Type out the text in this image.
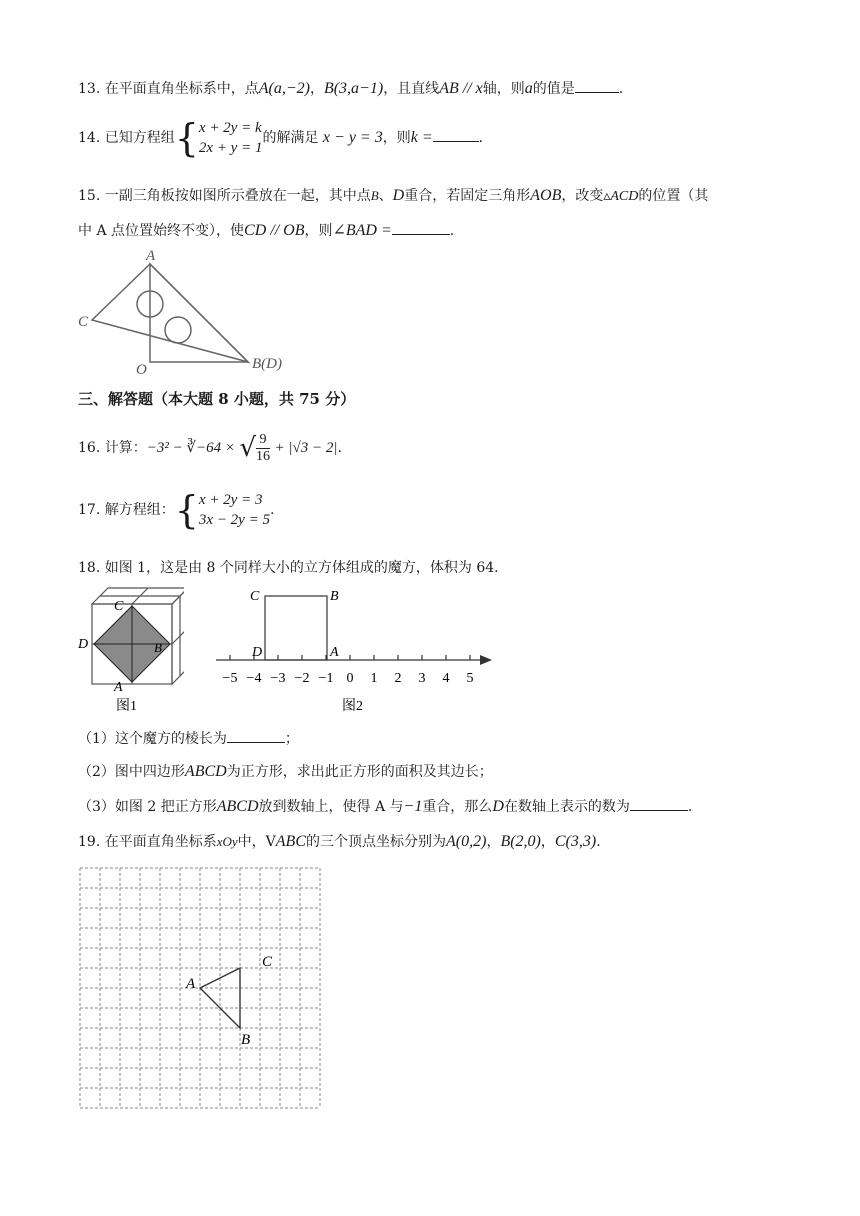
13. 在平面直角坐标系中，点A(a,−2)，B(3,a−1)，且直线AB // x轴，则a的值是	.
14. 已知方程组{ x + 2y = k
2x + y = 1
的解满足 x − y = 3，则k =	.
15. 一副三角板按如图所示叠放在一起，其中点B、D重合，若固定三角形AOB，改变▵ACD的位置（其
中 A 点位置始终不变），使CD // OB，则∠BAD =	.
A
C
O	B(D)
三、解答题（本大题 8 小题，共 75 分）
16. 计算：−3² − ∛−64 × √ $\frac{9}{16} + |√3 - 2|$.
17. 解方程组：{ x + 2y = 3
3x − 2y = 5
.
18. 如图 1，这是由 8 个同样大小的立方体组成的魔方，体积为 64.
C
D	B
A
图1
−5 −4 −3 −2 −1 0 1 2 3 4 5
C	B
D	A
图2
（1）这个魔方的棱长为	；
（2）图中四边形ABCD为正方形，求出此正方形的面积及其边长；
（3）如图 2 把正方形ABCD放到数轴上，使得 A 与−1重合，那么D在数轴上表示的数为	.
19. 在平面直角坐标系xOy中，VABC的三个顶点坐标分别为A(0,2)，B(2,0)，C(3,3).
A
B
C
